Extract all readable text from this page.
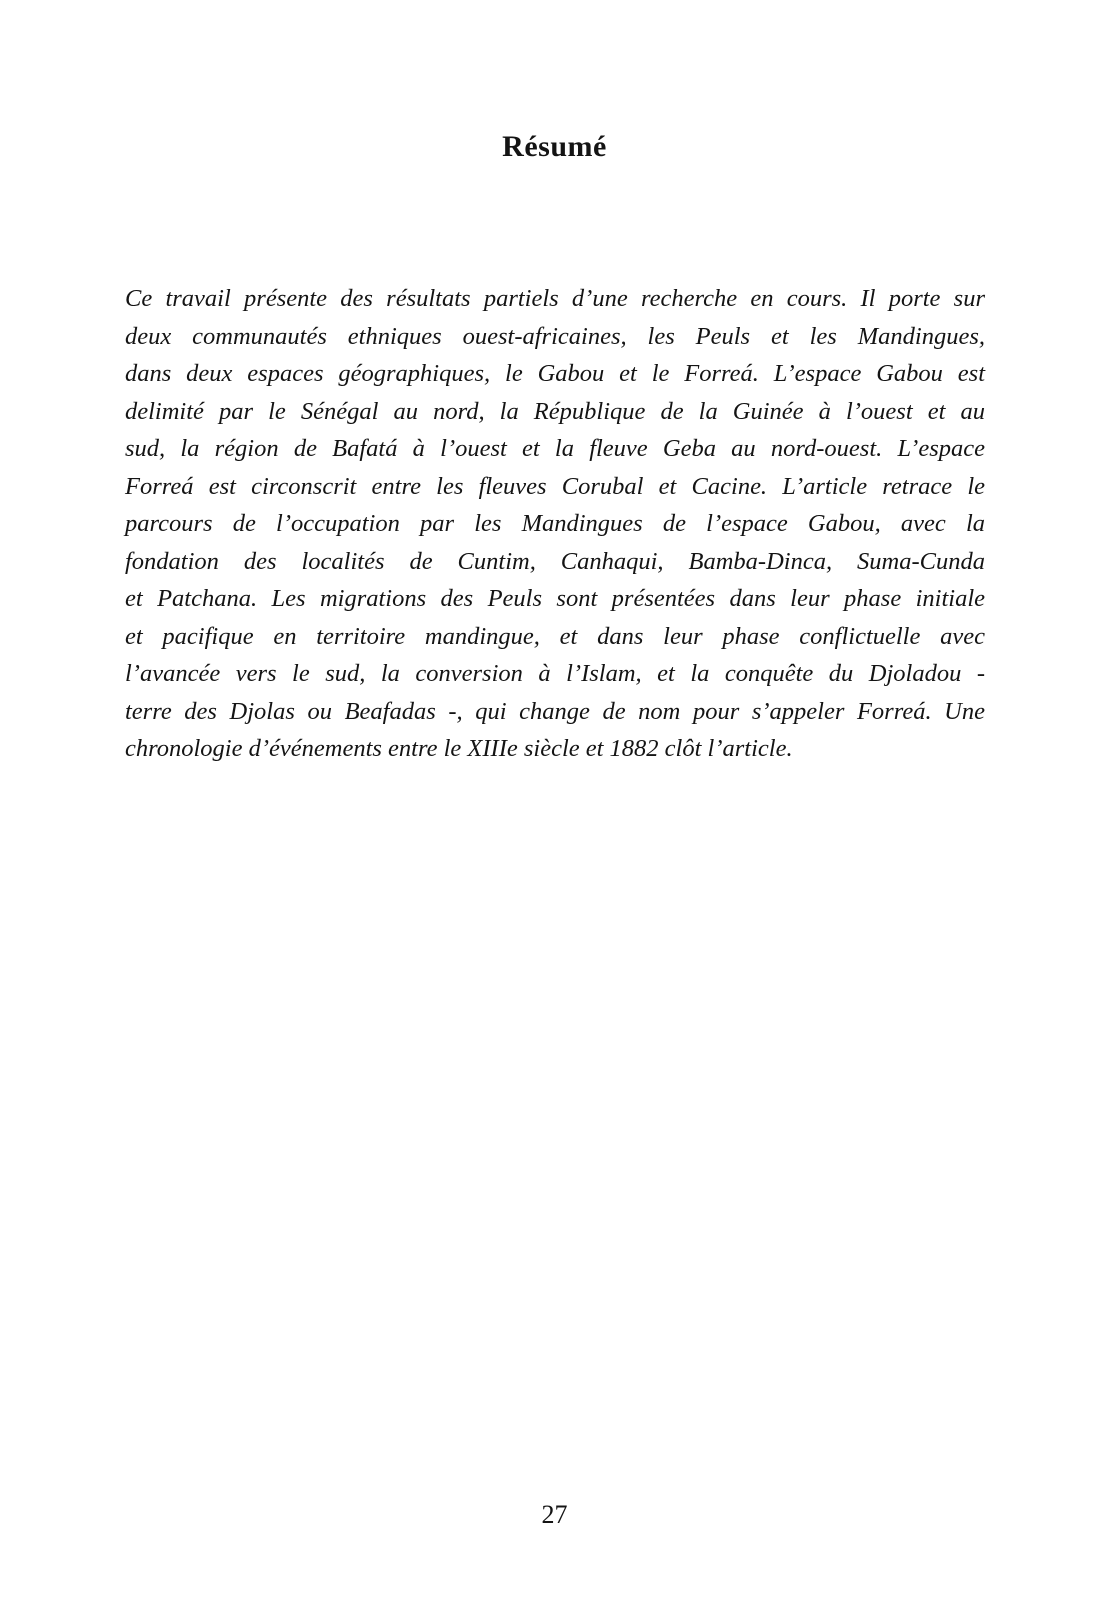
Résumé

Ce travail présente des résultats partiels d’une recherche en cours. Il porte sur
deux communautés ethniques ouest-africaines, les Peuls et les Mandingues,
dans deux espaces géographiques, le Gabou et le Forreá. L’espace Gabou est
delimité par le Sénégal au nord, la République de la Guinée à l’ouest et au
sud, la région de Bafatá à l’ouest et la fleuve Geba au nord-ouest. L’espace
Forreá est circonscrit entre les fleuves Corubal et Cacine. L’article retrace le
parcours de l’occupation par les Mandingues de l’espace Gabou, avec la
fondation des localités de Cuntim, Canhaqui, Bamba-Dinca, Suma-Cunda
et Patchana. Les migrations des Peuls sont présentées dans leur phase initiale
et pacifique en territoire mandingue, et dans leur phase conflictuelle avec
l’avancée vers le sud, la conversion à l’Islam, et la conquête du Djoladou -
terre des Djolas ou Beafadas -, qui change de nom pour s’appeler Forreá. Une
chronologie d’événements entre le XIIIe siècle et 1882 clôt l’article.

27
